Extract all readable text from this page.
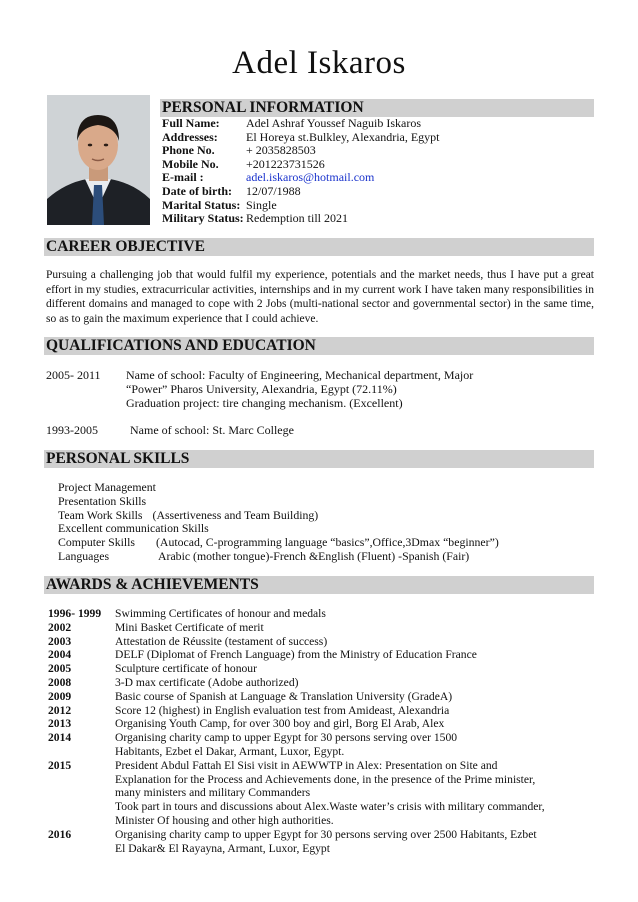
Adel Iskaros
PERSONAL INFORMATION
Full Name: Adel Ashraf Youssef Naguib Iskaros
Addresses:El Horeya st.Bulkley, Alexandria, Egypt
Phone No.	+ 2035828503
Mobile No. +201223731526
E-mail :	adel.iskaros@hotmail.com
Date of birth: 12/07/1988
Marital Status: Single
Military Status: Redemption till 2021
CAREER OBJECTIVE
Pursuing a challenging job that would fulfil my experience, potentials and the market needs, thus I have put a great effort in my studies, extracurricular activities, internships and in my current work I have taken many responsibilities in different domains and managed to cope with 2 Jobs (multi-national sector and governmental sector) in the same time, so as to gain the maximum experience that I could achieve.
QUALIFICATIONS AND EDUCATION
2005- 2011 Name of school: Faculty of Engineering, Mechanical department, Major
“Power” Pharos University, Alexandria, Egypt (72.11%)
Graduation project: tire changing mechanism. (Excellent)
1993-2005	Name of school: St. Marc College
PERSONAL SKILLS
Project Management
Presentation Skills
Team Work Skills (Assertiveness and Team Building)
Excellent communication Skills
Computer Skills (Autocad, C-programming language “basics”,Office,3Dmax “beginner”)
Languages	Arabic (mother tongue)-French &English (Fluent) -Spanish (Fair)
AWARDS & ACHIEVEMENTS
1996- 1999	Swimming Certificates of honour and medals
2002	Mini Basket Certificate of merit
2003	Attestation de Réussite (testament of success)
2004	DELF (Diplomat of French Language) from the Ministry of Education France
2005	Sculpture certificate of honour
2008	3-D max certificate (Adobe authorized)
2009	Basic course of Spanish at Language & Translation University (GradeA)
2012	Score 12 (highest) in English evaluation test from Amideast, Alexandria
2013	Organising Youth Camp, for over 300 boy and girl, Borg El Arab, Alex
2014	Organising charity camp to upper Egypt for 30 persons serving over 1500
Habitants, Ezbet el Dakar, Armant, Luxor, Egypt.
2015	President Abdul Fattah El Sisi visit in AEWWTP in Alex: Presentation on Site and
Explanation for the Process and Achievements done, in the presence of the Prime minister,
many ministers and military Commanders
Took part in tours and discussions about Alex.Waste water’s crisis with military commander,
Minister Of housing and other high authorities.
2016	Organising charity camp to upper Egypt for 30 persons serving over 2500 Habitants, Ezbet
El Dakar& El Rayayna, Armant, Luxor, Egypt
